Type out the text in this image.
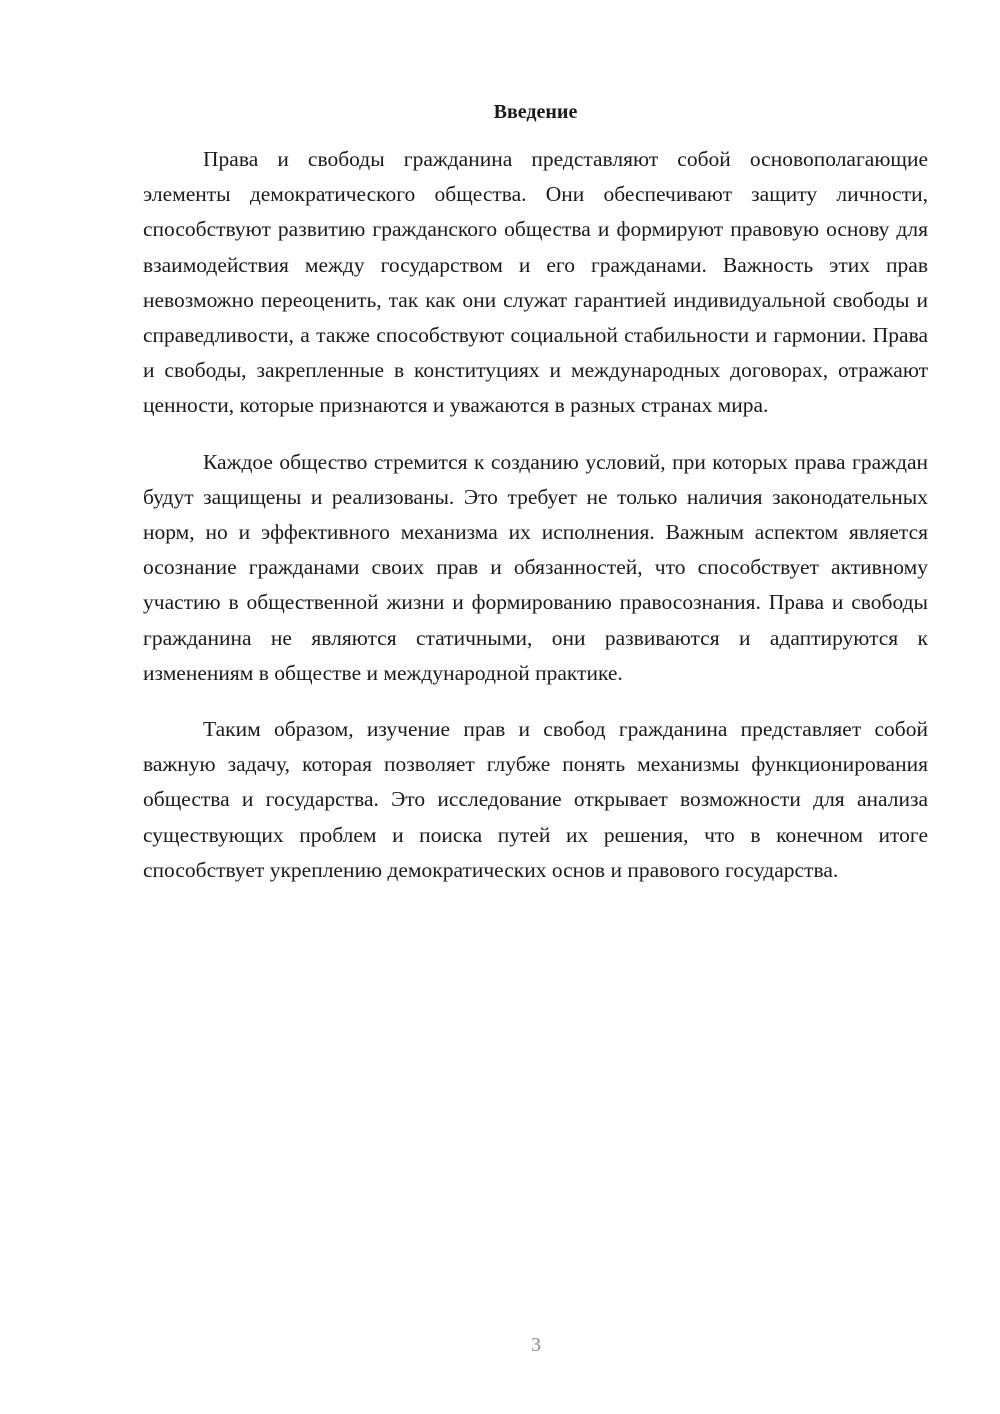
Введение

Права и свободы гражданина представляют собой основополагающие элементы демократического общества. Они обеспечивают защиту личности, способствуют развитию гражданского общества и формируют правовую основу для взаимодействия между государством и его гражданами. Важность этих прав невозможно переоценить, так как они служат гарантией индивидуальной свободы и справедливости, а также способствуют социальной стабильности и гармонии. Права и свободы, закрепленные в конституциях и международных договорах, отражают ценности, которые признаются и уважаются в разных странах мира.

Каждое общество стремится к созданию условий, при которых права граждан будут защищены и реализованы. Это требует не только наличия законодательных норм, но и эффективного механизма их исполнения. Важным аспектом является осознание гражданами своих прав и обязанностей, что способствует активному участию в общественной жизни и формированию правосознания. Права и свободы гражданина не являются статичными, они развиваются и адаптируются к изменениям в обществе и международной практике.

Таким образом, изучение прав и свобод гражданина представляет собой важную задачу, которая позволяет глубже понять механизмы функционирования общества и государства. Это исследование открывает возможности для анализа существующих проблем и поиска путей их решения, что в конечном итоге способствует укреплению демократических основ и правового государства.

3
